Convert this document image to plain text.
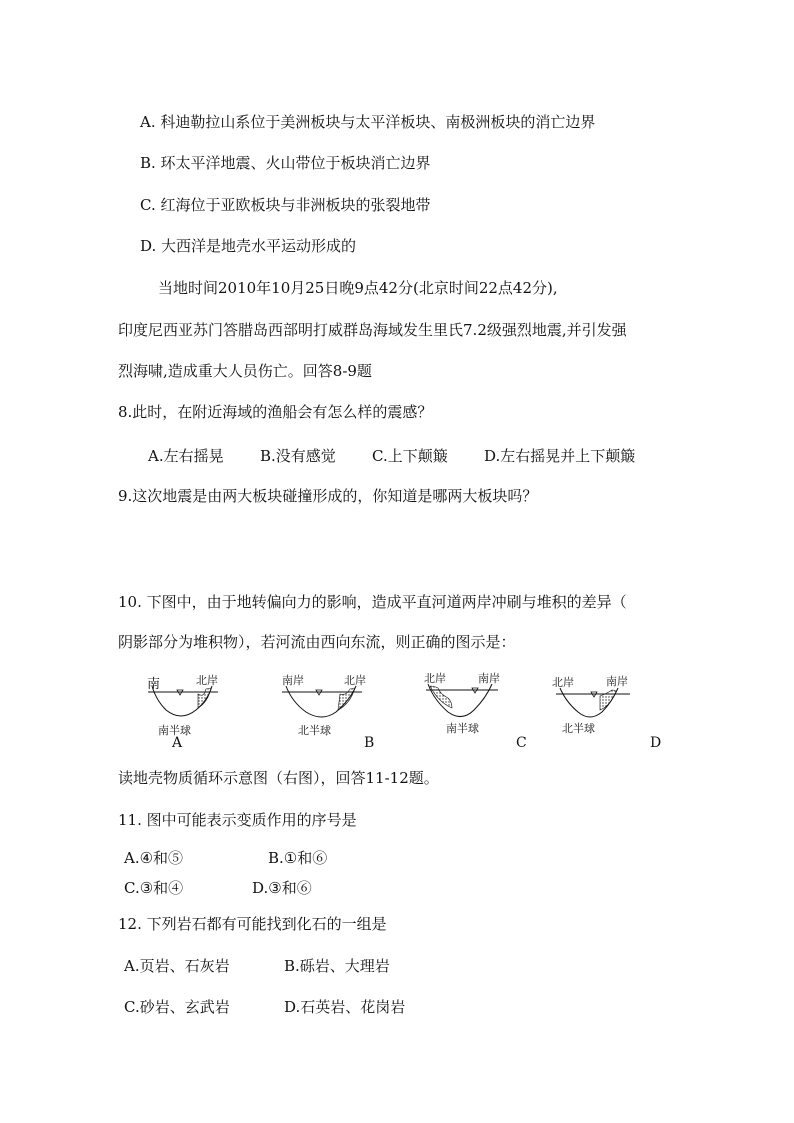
A. 科迪勒拉山系位于美洲板块与太平洋板块、南极洲板块的消亡边界
B. 环太平洋地震、火山带位于板块消亡边界
C. 红海位于亚欧板块与非洲板块的张裂地带
D. 大西洋是地壳水平运动形成的
当地时间2010年10月25日晚9点42分(北京时间22点42分),
印度尼西亚苏门答腊岛西部明打威群岛海域发生里氏7.2级强烈地震,并引发强
烈海啸,造成重大人员伤亡。回答8-9题
8.此时，在附近海域的渔船会有怎么样的震感？
A.左右摇晃 B.没有感觉 C.上下颠簸 D.左右摇晃并上下颠簸
9.这次地震是由两大板块碰撞形成的，你知道是哪两大板块吗？
10. 下图中，由于地转偏向力的影响，造成平直河道两岸冲刷与堆积的差异（
阴影部分为堆积物），若河流由西向东流，则正确的图示是：
南	北岸
南半球
A
南岸	北岸
北半球
B
北岸	南岸
南半球
C
北岸	南岸
北半球
D
读地壳物质循环示意图（右图），回答11-12题。
11. 图中可能表示变质作用的序号是
A.④和⑤	B.①和⑥
C.③和④	D.③和⑥
12. 下列岩石都有可能找到化石的一组是
A.页岩、石灰岩	B.砾岩、大理岩
C.砂岩、玄武岩	D.石英岩、花岗岩
